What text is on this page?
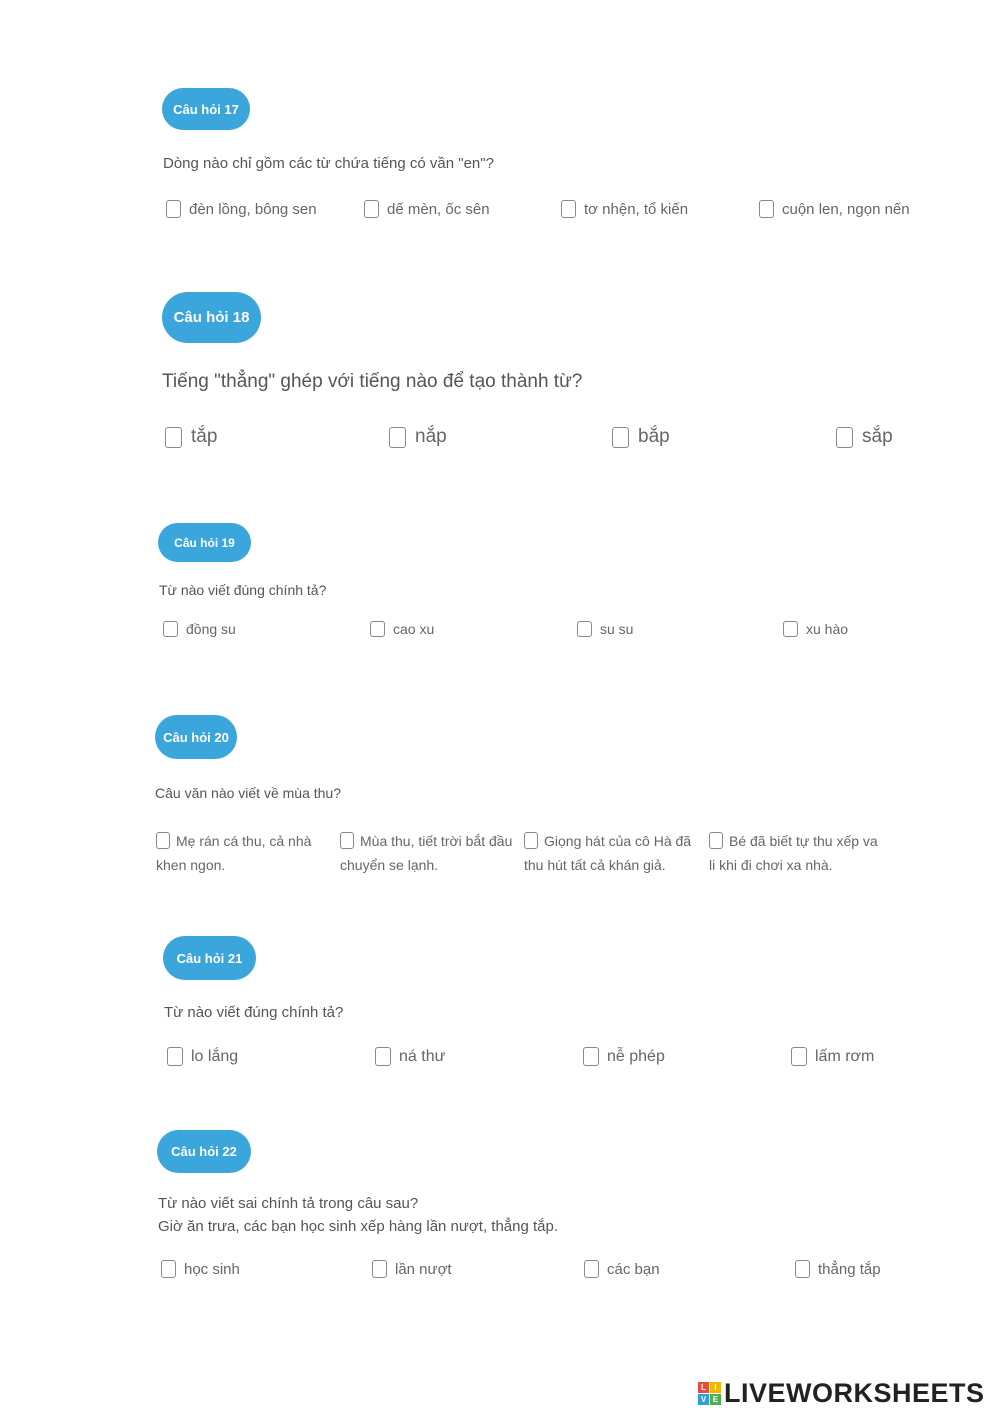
Câu hỏi 17
Dòng nào chỉ gồm các từ chứa tiếng có vần "en"?
đèn lồng, bông sen	dế mèn, ốc sên	tơ nhện, tổ kiến	cuộn len, ngọn nến
Câu hỏi 18
Tiếng "thẳng" ghép với tiếng nào để tạo thành từ?
tắp	nắp	bắp	sắp
Câu hỏi 19
Từ nào viết đúng chính tả?
đồng su	cao xu	su su	xu hào
Câu hỏi 20
Câu văn nào viết về mùa thu?
Mẹ rán cá thu, cả nhà khen ngon.
Mùa thu, tiết trời bắt đầu chuyển se lạnh.
Giọng hát của cô Hà đã thu hút tất cả khán giả.
Bé đã biết tự thu xếp va li khi đi chơi xa nhà.
Câu hỏi 21
Từ nào viết đúng chính tả?
lo lắng	ná thư	nễ phép	lấm rơm
Câu hỏi 22
Từ nào viết sai chính tả trong câu sau?
Giờ ăn trưa, các bạn học sinh xếp hàng lần nượt, thẳng tắp.
học sinh	lần nượt	các bạn	thẳng tắp
L	I
V E LIVEWORKSHEETS
